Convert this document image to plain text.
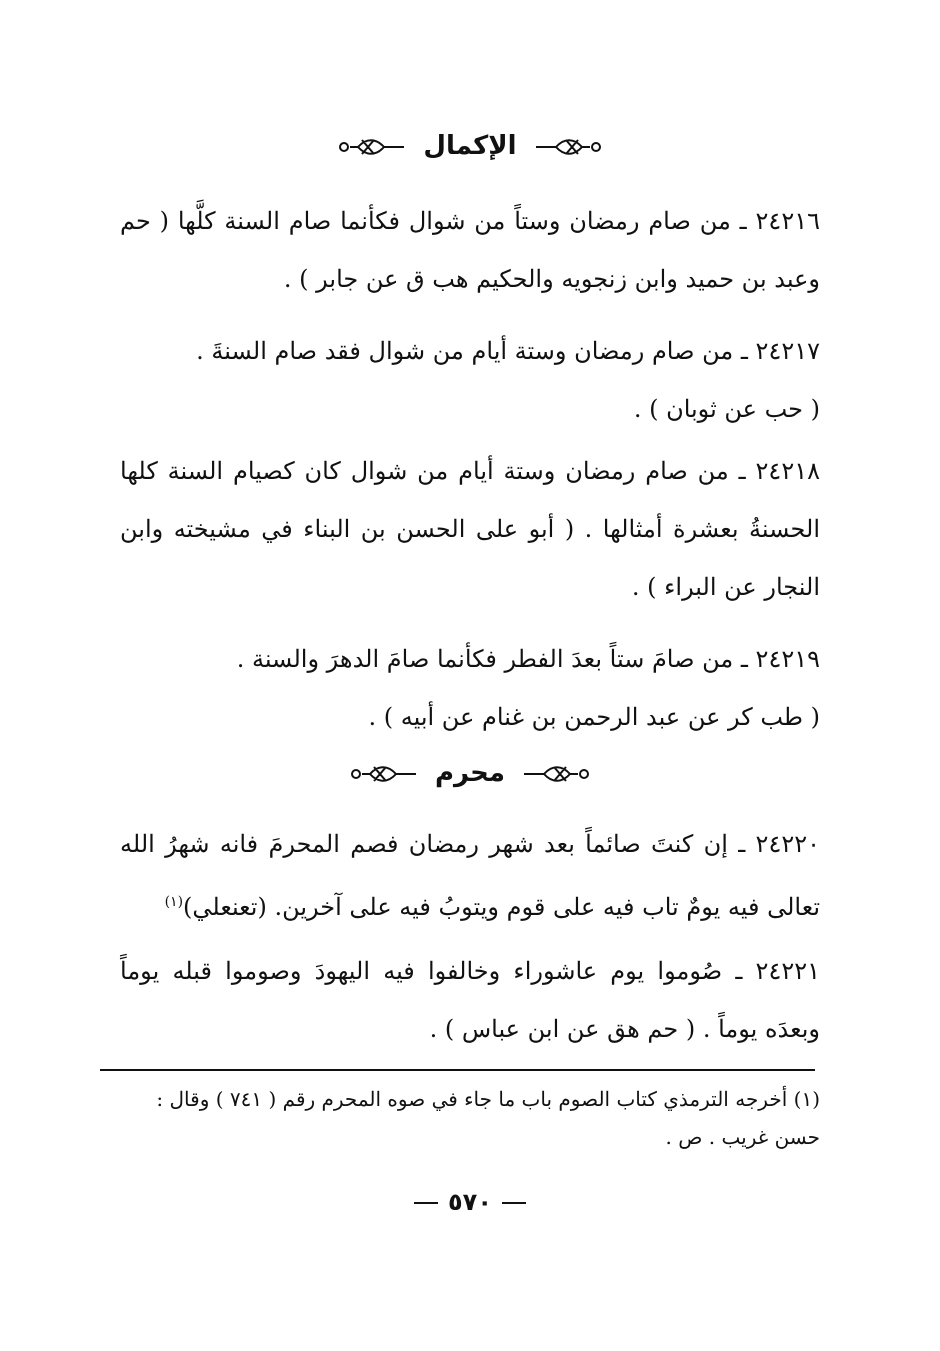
الإكمال
٢٤٢١٦ ـ من صام رمضان وستاً من شوال فكأنما صام السنة كلَّها ( حم وعبد بن حميد وابن زنجويه والحكيم هب ق عن جابر ) .
٢٤٢١٧ ـ من صام رمضان وستة أيام من شوال فقد صام السنةَ .
( حب عن ثوبان ) .
٢٤٢١٨ ـ من صام رمضان وستة أيام من شوال كان كصيام السنة كلها الحسنةُ بعشرة أمثالها . ( أبو على الحسن بن البناء في مشيخته وابن النجار عن البراء ) .
٢٤٢١٩ ـ من صامَ ستاً بعدَ الفطر فكأنما صامَ الدهرَ والسنة .
( طب كر عن عبد الرحمن بن غنام عن أبيه ) .
محرم
٢٤٢٢٠ ـ إن كنتَ صائماً بعد شهر رمضان فصم المحرمَ فانه شهرُ الله تعالى فيه يومٌ تاب فيه على قوم ويتوبُ فيه على آخرين. (تعنعلي)$^{(١)}$
٢٤٢٢١ ـ صُوموا يوم عاشوراء وخالفوا فيه اليهودَ وصوموا قبله يوماً وبعدَه يوماً . ( حم هق عن ابن عباس ) .
(١) أخرجه الترمذي كتاب الصوم باب ما جاء في صوه المحرم رقم ( ٧٤١ ) وقال : حسن غريب . ص .
٥٧٠
